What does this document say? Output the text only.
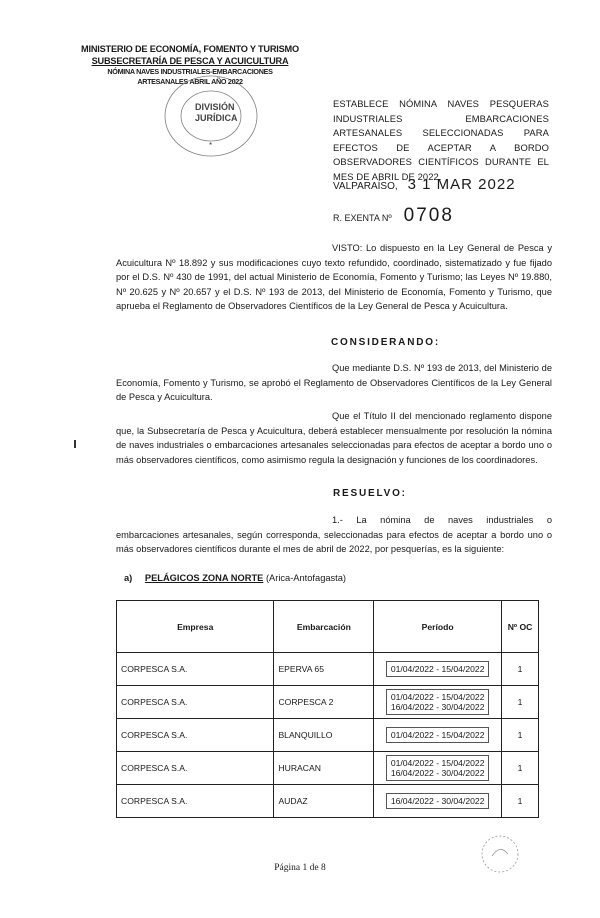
MINISTERIO DE ECONOMÍA, FOMENTO Y TURISMO
SUBSECRETARÍA DE PESCA Y ACUICULTURA
NÓMINA NAVES INDUSTRIALES-EMBARCACIONES
ARTESANALES ABRIL AÑO 2022
DIVISIÓN
JURÍDICA
*
ESTABLECE NÓMINA NAVES PESQUERAS INDUSTRIALES EMBARCACIONES ARTESANALES SELECCIONADAS PARA EFECTOS DE ACEPTAR A BORDO OBSERVADORES CIENTÍFICOS DURANTE EL MES DE ABRIL DE 2022.
VALPARAÍSO, 3 1 MAR 2022
R. EXENTA Nº 0708
VISTO: Lo dispuesto en la Ley General de Pesca y Acuicultura Nº 18.892 y sus modificaciones cuyo texto refundido, coordinado, sistematizado y fue fijado por el D.S. Nº 430 de 1991, del actual Ministerio de Economía, Fomento y Turismo; las Leyes Nº 19.880, Nº 20.625 y Nº 20.657 y el D.S. Nº 193 de 2013, del Ministerio de Economía, Fomento y Turismo, que aprueba el Reglamento de Observadores Científicos de la Ley General de Pesca y Acuicultura.
CONSIDERANDO:
Que mediante D.S. Nº 193 de 2013, del Ministerio de Economía, Fomento y Turismo, se aprobó el Reglamento de Observadores Científicos de la Ley General de Pesca y Acuicultura.
Que el Título II del mencionado reglamento dispone que, la Subsecretaría de Pesca y Acuicultura, deberá establecer mensualmente por resolución la nómina de naves industriales o embarcaciones artesanales seleccionadas para efectos de aceptar a bordo uno o más observadores científicos, como asimismo regula la designación y funciones de los coordinadores.
RESUELVO:
1.- La nómina de naves industriales o embarcaciones artesanales, según corresponda, seleccionadas para efectos de aceptar a bordo uno o más observadores científicos durante el mes de abril de 2022, por pesquerías, es la siguiente:
a) PELÁGICOS ZONA NORTE (Arica-Antofagasta)
Empresa	Embarcación	Período	Nº OC
CORPESCA S.A.	EPERVA 65	01/04/2022 - 15/04/2022	1
CORPESCA S.A.	CORPESCA 2	01/04/2022 - 15/04/2022
16/04/2022 - 30/04/2022	1
CORPESCA S.A.	BLANQUILLO	01/04/2022 - 15/04/2022	1
CORPESCA S.A.	HURACAN	01/04/2022 - 15/04/2022
16/04/2022 - 30/04/2022	1
CORPESCA S.A.	AUDAZ	16/04/2022 - 30/04/2022	1
Página 1 de 8
